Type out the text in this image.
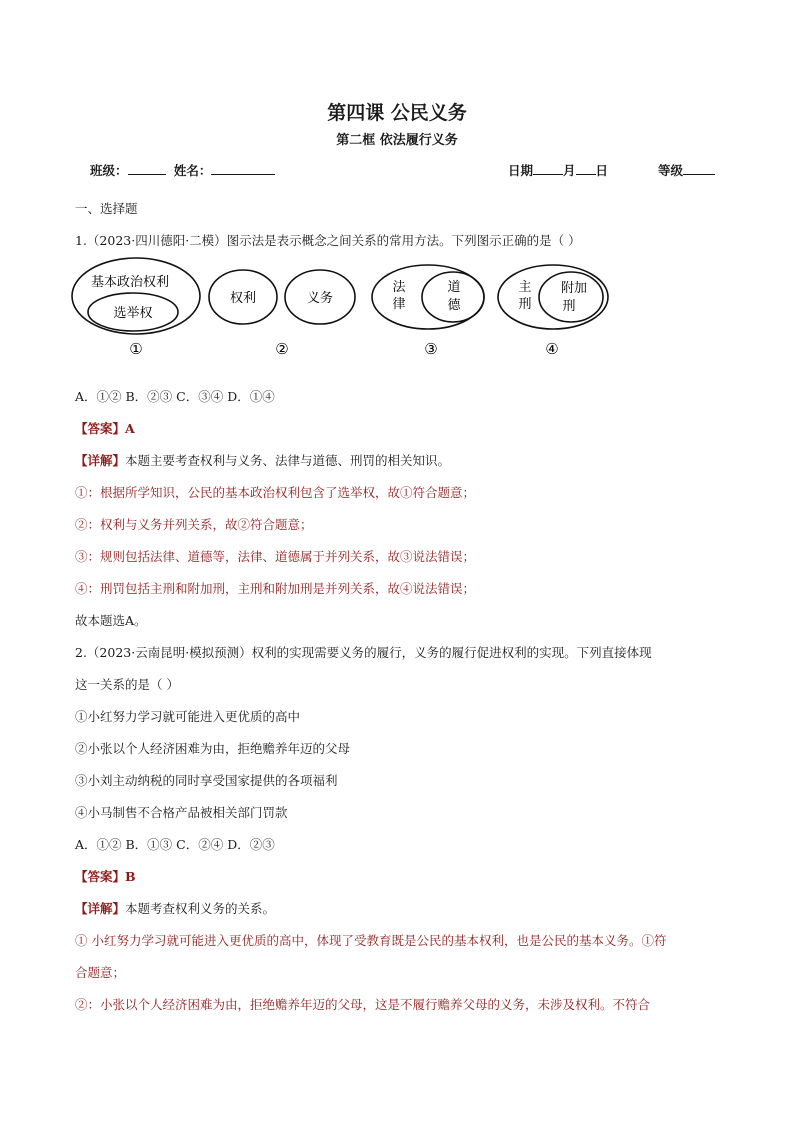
第四课 公民义务
第二框 依法履行义务
班级：	姓名：	日期 月 日	等级
一、选择题
1.（2023·四川德阳·二模）图示法是表示概念之间关系的常用方法。下列图示正确的是（ ）
基本政治权利
选举权
①
权利	义务
②
法
律
道
德
③
主
刑
附加
刑
④
A．①② B．②③ C．③④ D．①④
【答案】A
【详解】本题主要考查权利与义务、法律与道德、刑罚的相关知识。
①：根据所学知识，公民的基本政治权利包含了选举权，故①符合题意；
②：权利与义务并列关系，故②符合题意；
③：规则包括法律、道德等，法律、道德属于并列关系，故③说法错误；
④：刑罚包括主刑和附加刑，主刑和附加刑是并列关系，故④说法错误；
故本题选A。
2.（2023·云南昆明·模拟预测）权利的实现需要义务的履行，义务的履行促进权利的实现。下列直接体现
这一关系的是（ ）
①小红努力学习就可能进入更优质的高中
②小张以个人经济困难为由，拒绝赡养年迈的父母
③小刘主动纳税的同时享受国家提供的各项福利
④小马制售不合格产品被相关部门罚款
A．①② B．①③ C．②④ D．②③
【答案】B
【详解】本题考查权利义务的关系。
① 小红努力学习就可能进入更优质的高中，体现了受教育既是公民的基本权利，也是公民的基本义务。①符
合题意；
②：小张以个人经济困难为由，拒绝赡养年迈的父母，这是不履行赡养父母的义务，未涉及权利。不符合
